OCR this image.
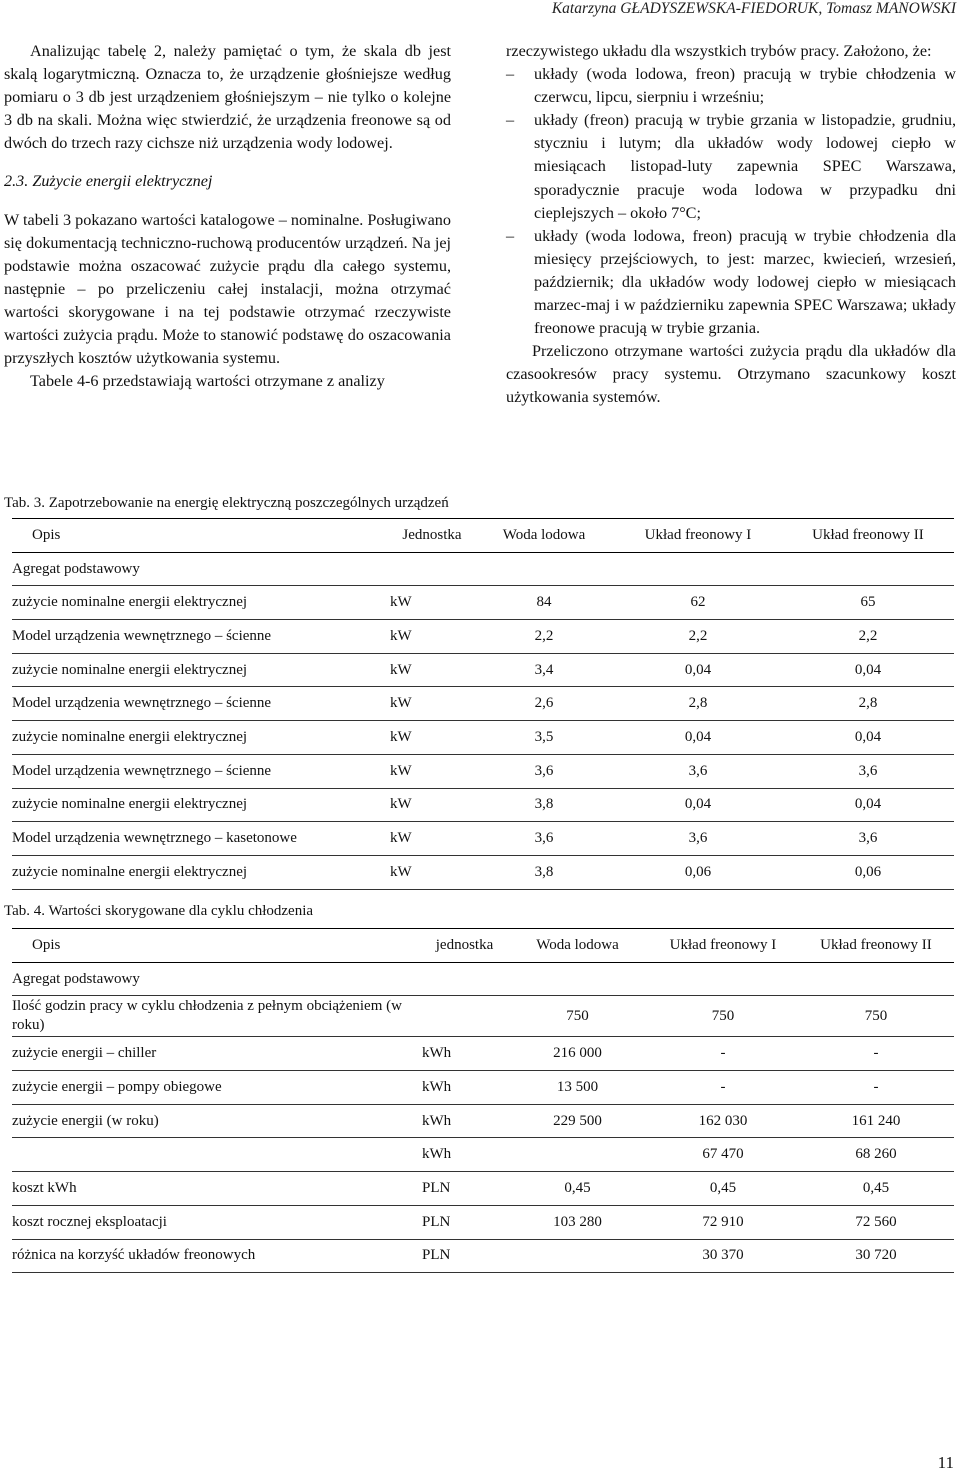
Katarzyna GŁADYSZEWSKA-FIEDORUK, Tomasz MANOWSKI

Analizując tabelę 2, należy pamiętać o tym, że skala db jest skalą logarytmiczną. Oznacza to, że urządzenie głośniejsze według pomiaru o 3 db jest urządzeniem głośniejszym – nie tylko o kolejne 3 db na skali. Można więc stwierdzić, że urządzenia freonowe są od dwóch do trzech razy cichsze niż urządzenia wody lodowej.

2.3. Zużycie energii elektrycznej

W tabeli 3 pokazano wartości katalogowe – nominalne. Posługiwano się dokumentacją techniczno-ruchową producentów urządzeń. Na jej podstawie można oszacować zużycie prądu dla całego systemu, następnie – po przeliczeniu całej instalacji, można otrzymać wartości skorygowane i na tej podstawie otrzymać rzeczywiste wartości zużycia prądu. Może to stanowić podstawę do oszacowania przyszłych kosztów użytkowania systemu.

Tabele 4-6 przedstawiają wartości otrzymane z analizy

rzeczywistego układu dla wszystkich trybów pracy. Założono, że:

– układy (woda lodowa, freon) pracują w trybie chłodzenia w czerwcu, lipcu, sierpniu i wrześniu;
– układy (freon) pracują w trybie grzania w listopadzie, grudniu, styczniu i lutym; dla układów wody lodowej ciepło w miesiącach listopad-luty zapewnia SPEC Warszawa, sporadycznie pracuje woda lodowa w przypadku dni cieplejszych – około 7°C;
– układy (woda lodowa, freon) pracują w trybie chłodzenia dla miesięcy przejściowych, to jest: marzec, kwiecień, wrzesień, październik; dla układów wody lodowej ciepło w miesiącach marzec-maj i w październiku zapewnia SPEC Warszawa; układy freonowe pracują w trybie grzania.

Przeliczono otrzymane wartości zużycia prądu dla układów dla czasookresów pracy systemu. Otrzymano szacunkowy koszt użytkowania systemów.

Tab. 3. Zapotrzebowanie na energię elektryczną poszczególnych urządzeń
Opis	Jednostka	Woda lodowa	Układ freonowy I	Układ freonowy II
Agregat podstawowy				
zużycie nominalne energii elektrycznej	kW	84	62	65
Model urządzenia wewnętrznego – ścienne	kW	2,2	2,2	2,2
zużycie nominalne energii elektrycznej	kW	3,4	0,04	0,04
Model urządzenia wewnętrznego – ścienne	kW	2,6	2,8	2,8
zużycie nominalne energii elektrycznej	kW	3,5	0,04	0,04
Model urządzenia wewnętrznego – ścienne	kW	3,6	3,6	3,6
zużycie nominalne energii elektrycznej	kW	3,8	0,04	0,04
Model urządzenia wewnętrznego – kasetonowe	kW	3,6	3,6	3,6
zużycie nominalne energii elektrycznej	kW	3,8	0,06	0,06
Tab. 4. Wartości skorygowane dla cyklu chłodzenia
Opis	jednostka	Woda lodowa	Układ freonowy I	Układ freonowy II
Agregat podstawowy				
Ilość godzin pracy w cyklu chłodzenia z pełnym obciążeniem (w roku)		750	750	750
zużycie energii – chiller	kWh	216 000	-	-
zużycie energii – pompy obiegowe	kWh	13 500	-	-
zużycie energii (w roku)	kWh	229 500	162 030	161 240
	kWh		67 470	68 260
koszt kWh	PLN	0,45	0,45	0,45
koszt rocznej eksploatacji	PLN	103 280	72 910	72 560
różnica na korzyść układów freonowych	PLN		30 370	30 720
11
